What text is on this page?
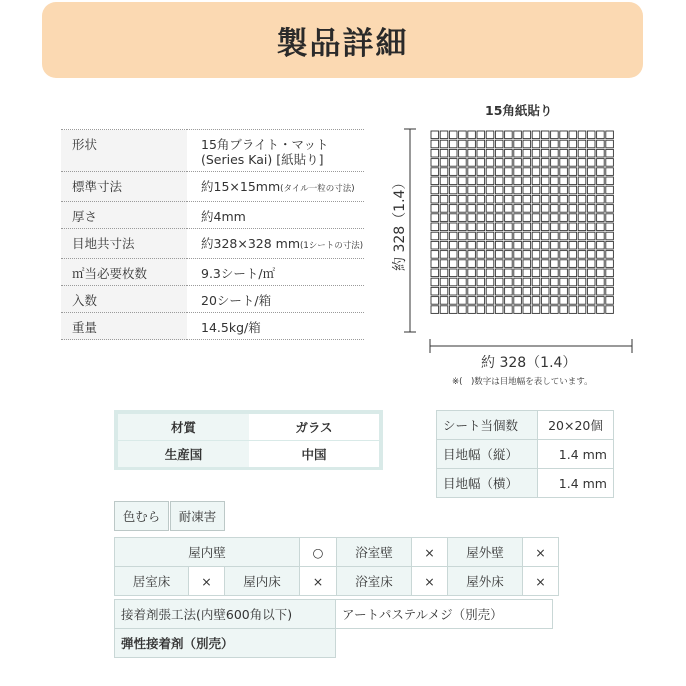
製品詳細
形状	15角ブライト・マット
(Series Kai) [紙貼り]

標準寸法	約15×15mm(タイル一粒の寸法)
厚さ	約4mm
目地共寸法	約328×328 mm(1シートの寸法)
㎡当必要枚数	9.3シート/㎡
入数	20シート/箱
重量	14.5kg/箱
15角紙貼り
約 328（1.4）
約 328（1.4）
※(　)数字は目地幅を表しています。
材質	ガラス
生産国	中国
シート当個数	20×20個
目地幅（縦）	1.4 mm
目地幅（横）	1.4 mm
色むら	耐凍害
屋内壁			○	浴室壁	×	屋外壁	×
居室床	×	屋内床	×	浴室床	×	屋外床	×
接着剤張工法(内壁600角以下)	アートパステルメジ（別売）
弾性接着剤（別売）	
